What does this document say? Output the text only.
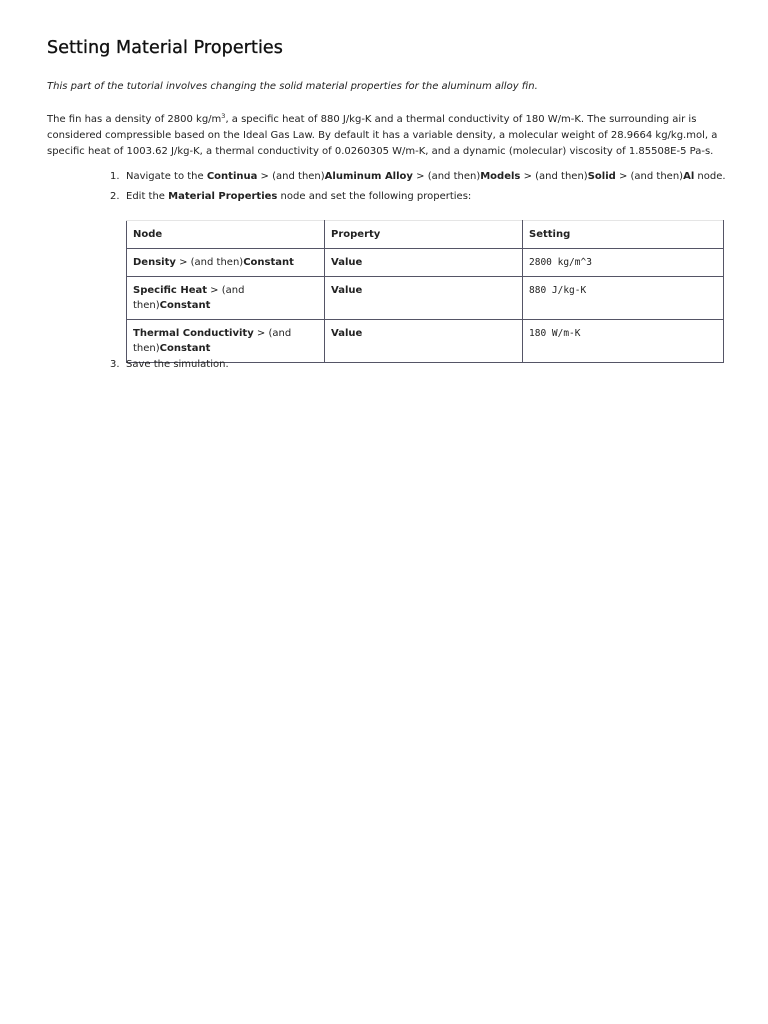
Setting Material Properties

This part of the tutorial involves changing the solid material properties for the aluminum alloy fin.

The fin has a density of 2800 $kg/m^3$, a specific heat of 880 J/kg-K and a thermal conductivity of 180 W/m-K. The surrounding air is considered compressible based on the Ideal Gas Law. By default it has a variable density, a molecular weight of 28.9664 kg/kg.mol, a specific heat of 1003.62 J/kg-K, a thermal conductivity of 0.0260305 W/m-K, and a dynamic (molecular) viscosity of 1.85508E-5 Pa-s.

1. Navigate to the Continua > (and then)Aluminum Alloy > (and then)Models > (and then)Solid > (and then)Al node.
2. Edit the Material Properties node and set the following properties:
Node	Property	Setting
Density > (and then)Constant	Value	2800 kg/m^3
Specific Heat > (and then)Constant	Value	880 J/kg-K
Thermal Conductivity > (and then)Constant	Value	180 W/m-K
3. Save the simulation.
